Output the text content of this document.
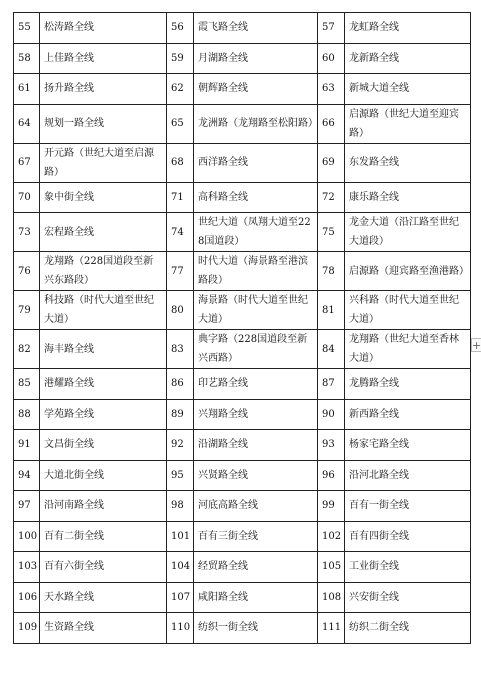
55	松涛路全线	56	霞飞路全线	57	龙虹路全线
58	上佳路全线	59	月湖路全线	60	龙新路全线
61	扬升路全线	62	朝辉路全线	63	新城大道全线
64	规划一路全线	65	龙洲路（龙翔路至松阳路）	66	启源路（世纪大道至迎宾路）
67	开元路（世纪大道至启源路）	68	西洋路全线	69	东发路全线
70	象中街全线	71	高科路全线	72	康乐路全线
73	宏程路全线	74	世纪大道（凤翔大道至228国道段）	75	龙金大道（沿江路至世纪大道段）
76	龙翔路（228国道段至新兴东路段）	77	时代大道（海景路至港滨路段）	78	启源路（迎宾路至渔港路）
79	科技路（时代大道至世纪大道）	80	海景路（时代大道至世纪大道）	81	兴科路（时代大道至世纪大道）
82	海丰路全线	83	典字路（228国道段至新兴西路）	84	龙翔路（世纪大道至香林大道）
85	港耀路全线	86	印艺路全线	87	龙腾路全线
88	学苑路全线	89	兴翔路全线	90	新西路全线
91	文昌街全线	92	沿湖路全线	93	杨家宅路全线
94	大道北街全线	95	兴贤路全线	96	沿河北路全线
97	沿河南路全线	98	河底高路全线	99	百有一街全线
100	百有二街全线	101	百有三街全线	102	百有四街全线
103	百有六街全线	104	经贸路全线	105	工业街全线
106	天水路全线	107	咸阳路全线	108	兴安街全线
109	生资路全线	110	纺织一街全线	111	纺织二街全线
+
